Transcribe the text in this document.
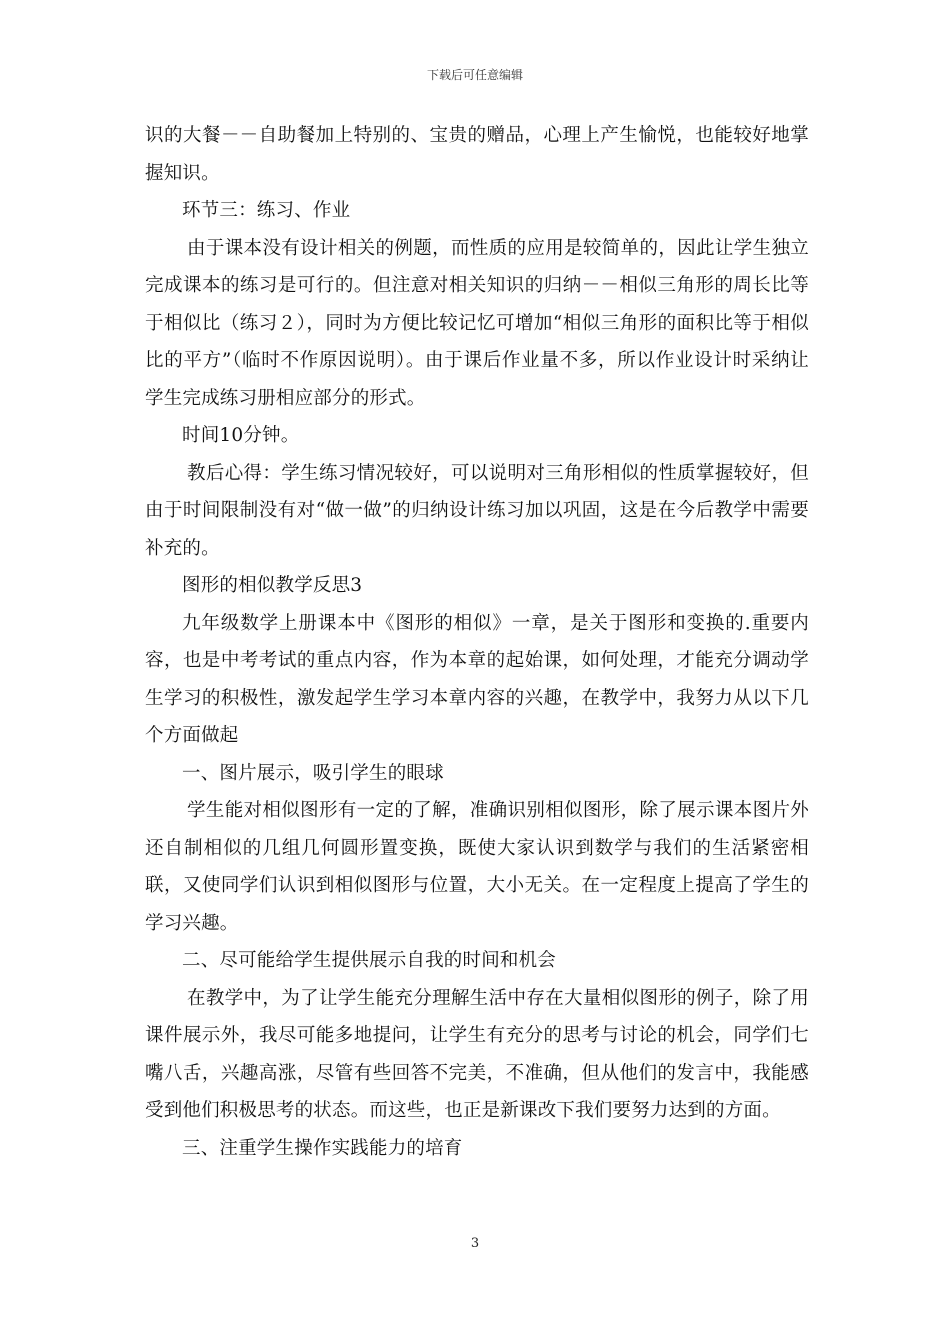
下载后可任意编辑

识的大餐－－自助餐加上特别的、宝贵的赠品，心理上产生愉悦，也能较好地掌握知识。

环节三：练习、作业

由于课本没有设计相关的例题，而性质的应用是较简单的，因此让学生独立完成课本的练习是可行的。但注意对相关知识的归纳－－相似三角形的周长比等于相似比（练习２），同时为方便比较记忆可增加“相似三角形的面积比等于相似比的平方”（临时不作原因说明）。由于课后作业量不多，所以作业设计时采纳让学生完成练习册相应部分的形式。

时间10分钟。

教后心得：学生练习情况较好，可以说明对三角形相似的性质掌握较好，但由于时间限制没有对“做一做”的归纳设计练习加以巩固，这是在今后教学中需要补充的。

图形的相似教学反思3

九年级数学上册课本中《图形的相似》一章，是关于图形和变换的.重要内容，也是中考考试的重点内容，作为本章的起始课，如何处理，才能充分调动学生学习的积极性，激发起学生学习本章内容的兴趣，在教学中，我努力从以下几个方面做起

一、图片展示，吸引学生的眼球

学生能对相似图形有一定的了解，准确识别相似图形，除了展示课本图片外还自制相似的几组几何圆形置变换，既使大家认识到数学与我们的生活紧密相联，又使同学们认识到相似图形与位置，大小无关。在一定程度上提高了学生的学习兴趣。

二、尽可能给学生提供展示自我的时间和机会

在教学中，为了让学生能充分理解生活中存在大量相似图形的例子，除了用课件展示外，我尽可能多地提问，让学生有充分的思考与讨论的机会，同学们七嘴八舌，兴趣高涨，尽管有些回答不完美，不准确，但从他们的发言中，我能感受到他们积极思考的状态。而这些，也正是新课改下我们要努力达到的方面。

三、注重学生操作实践能力的培育

3
